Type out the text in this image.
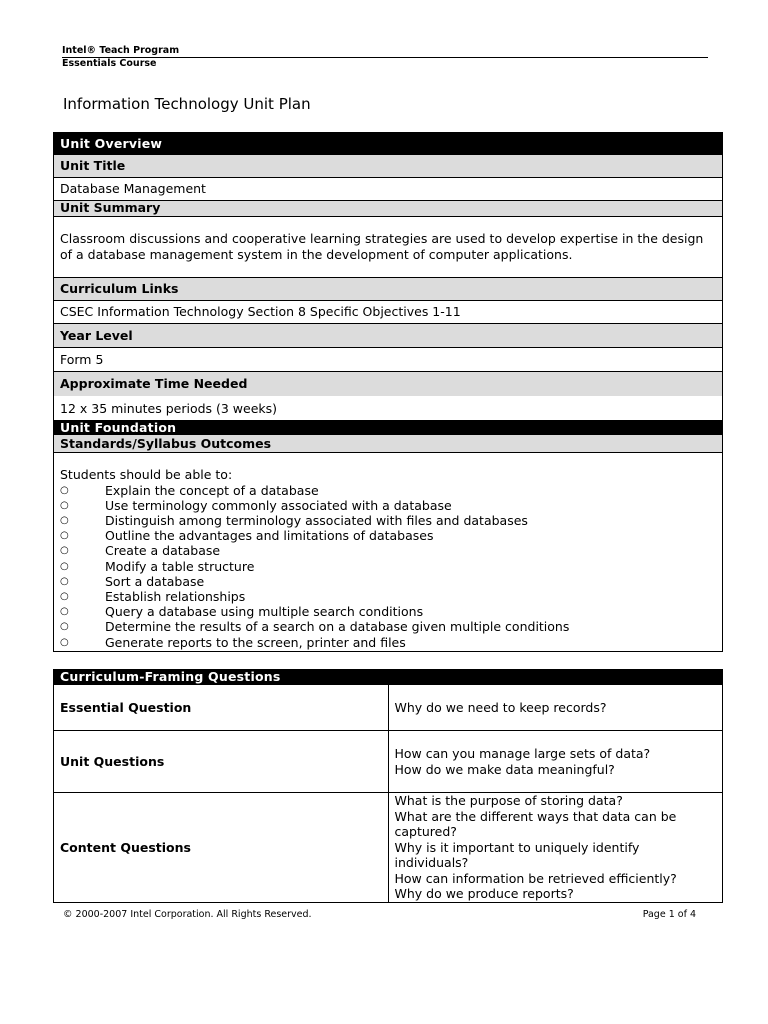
Intel® Teach Program
Essentials Course
Information Technology Unit Plan
Unit Overview
Unit Title
Database Management
Unit Summary
Classroom discussions and cooperative learning strategies are used to develop expertise in the design of a database management system in the development of computer applications.
Curriculum Links
CSEC Information Technology Section 8 Specific Objectives 1-11
Year Level
Form 5
Approximate Time Needed
12 x 35 minutes periods (3 weeks)
Unit Foundation
Standards/Syllabus Outcomes

Students should be able to:
○ Explain the concept of a database
○ Use terminology commonly associated with a database
○ Distinguish among terminology associated with files and databases
○ Outline the advantages and limitations of databases
○ Create a database
○ Modify a table structure
○ Sort a database
○ Establish relationships
○ Query a database using multiple search conditions
○ Determine the results of a search on a database given multiple conditions
○ Generate reports to the screen, printer and files
Curriculum-Framing Questions	
Essential Question	Why do we need to keep records?

Unit Questions	How can you manage large sets of data?
How do we make data meaningful?

Content Questions	What is the purpose of storing data?
What are the different ways that data can be captured?
Why is it important to uniquely identify individuals?
How can information be retrieved efficiently?
Why do we produce reports?
© 2000-2007 Intel Corporation. All Rights Reserved.	Page 1 of 4
